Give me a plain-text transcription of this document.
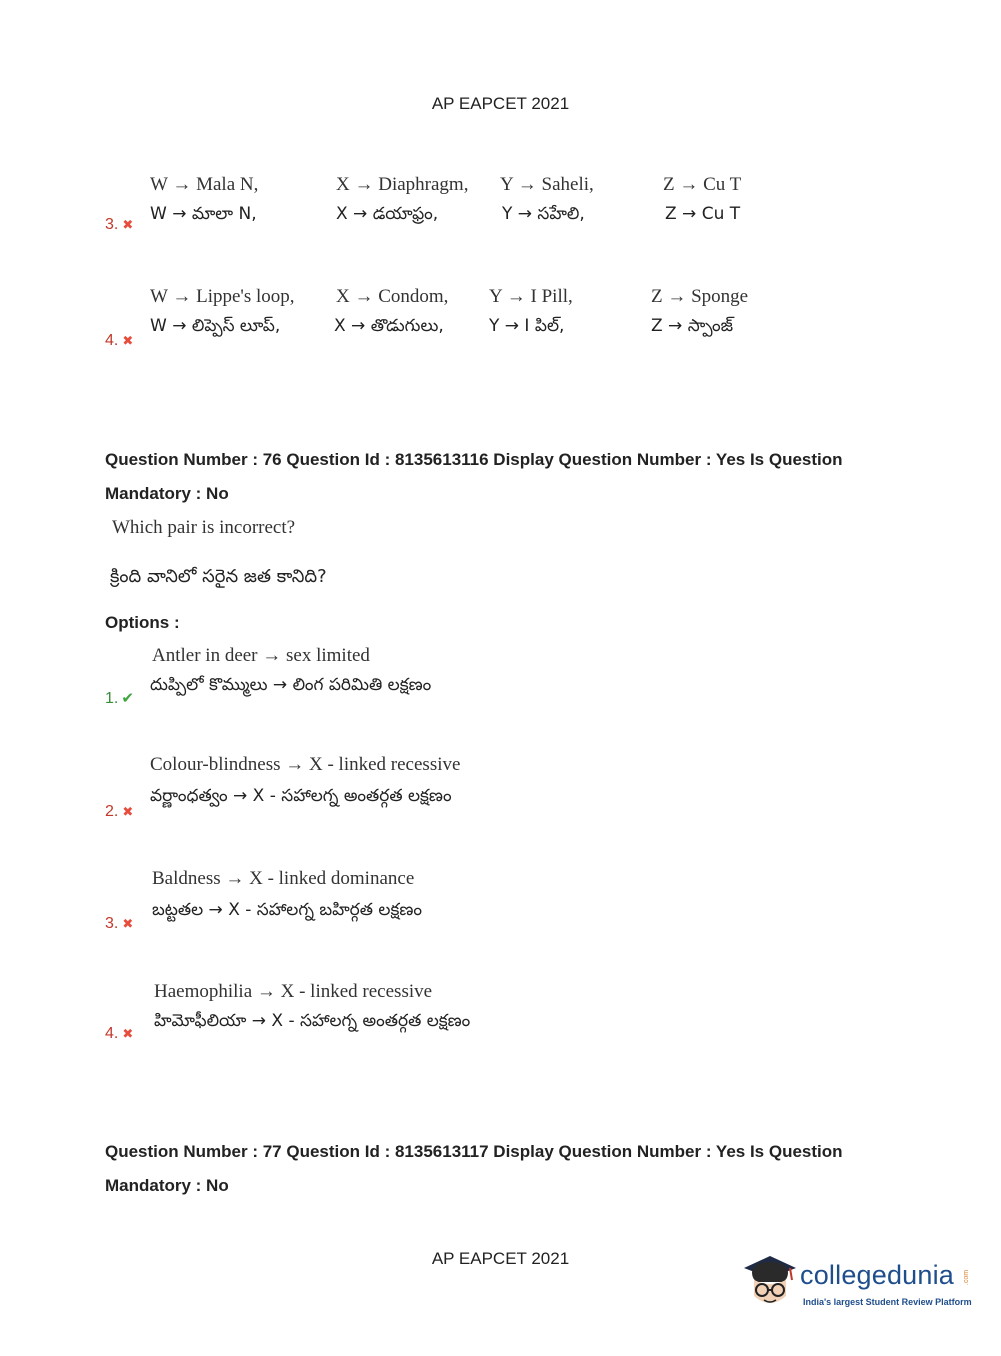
AP EAPCET 2021
W → Mala N,	X → Diaphragm, Y → Saheli,	Z → Cu T
W → మాలా N,	X → డయాఫ్రం,	Y → సహేలి,	Z → Cu T
3. ✖
W → Lippe's loop, X → Condom, Y → I Pill,	Z → Sponge
W → లిప్పెస్ లూప్,	X → తొడుగులు,	Y → I పిల్,	Z → స్పాంజ్
4. ✖
Question Number : 76 Question Id : 8135613116 Display Question Number : Yes Is Question
Mandatory : No
Which pair is incorrect?
క్రింది వానిలో సరైన జత కానిది?
Options :
Antler in deer → sex limited
దుప్పిలో కొమ్ములు → లింగ పరిమితి లక్షణం
1. ✔
Colour-blindness → X - linked recessive
వర్ణాంధత్వం → X - సహాలగ్న అంతర్గత లక్షణం
2. ✖
Baldness → X - linked dominance
బట్టతల → X - సహాలగ్న బహిర్గత లక్షణం
3. ✖
Haemophilia → X - linked recessive
హిమోఫీలియా → X - సహాలగ్న అంతర్గత లక్షణం
4. ✖
Question Number : 77 Question Id : 8135613117 Display Question Number : Yes Is Question
Mandatory : No
AP EAPCET 2021
collegedunia .com
India's largest Student Review Platform
